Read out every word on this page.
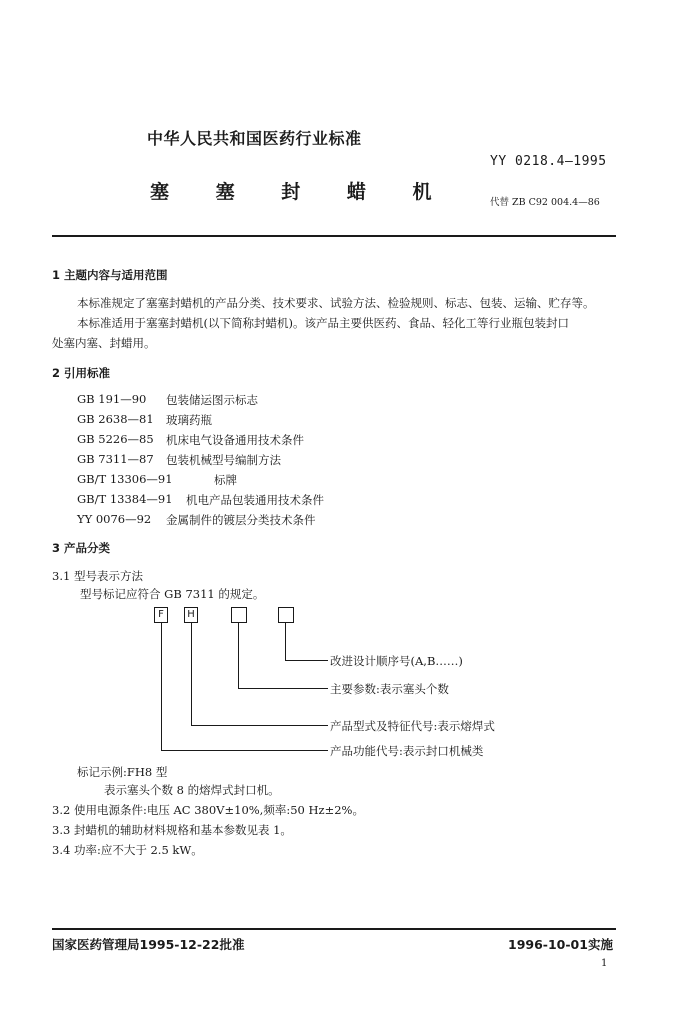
中华人民共和国医药行业标准
YY 0218.4—1995
塞 塞 封 蜡 机	代替 ZB C92 004.4—86
1 主题内容与适用范围
本标准规定了塞塞封蜡机的产品分类、技术要求、试验方法、检验规则、标志、包装、运输、贮存等。
本标准适用于塞塞封蜡机(以下简称封蜡机)。该产品主要供医药、食品、轻化工等行业瓶包装封口
处塞内塞、封蜡用。
2 引用标准
GB 191—90 包装储运图示标志
GB 2638—81 玻璃药瓶
GB 5226—85 机床电气设备通用技术条件
GB 7311—87 包装机械型号编制方法
GB/T 13306—91	标牌
GB/T 13384—91 机电产品包装通用技术条件
YY 0076—92 金属制件的镀层分类技术条件
3 产品分类
3.1 型号表示方法
型号标记应符合 GB 7311 的规定。
F	H
改进设计顺序号(A,B……)
主要参数:表示塞头个数
产品型式及特征代号:表示熔焊式
产品功能代号:表示封口机械类
标记示例:FH8 型
表示塞头个数 8 的熔焊式封口机。
3.2 使用电源条件:电压 AC 380V±10%,频率:50 Hz±2%。
3.3 封蜡机的辅助材料规格和基本参数见表 1。
3.4 功率:应不大于 2.5 kW。
国家医药管理局1995-12-22批准	1996-10-01实施
1
